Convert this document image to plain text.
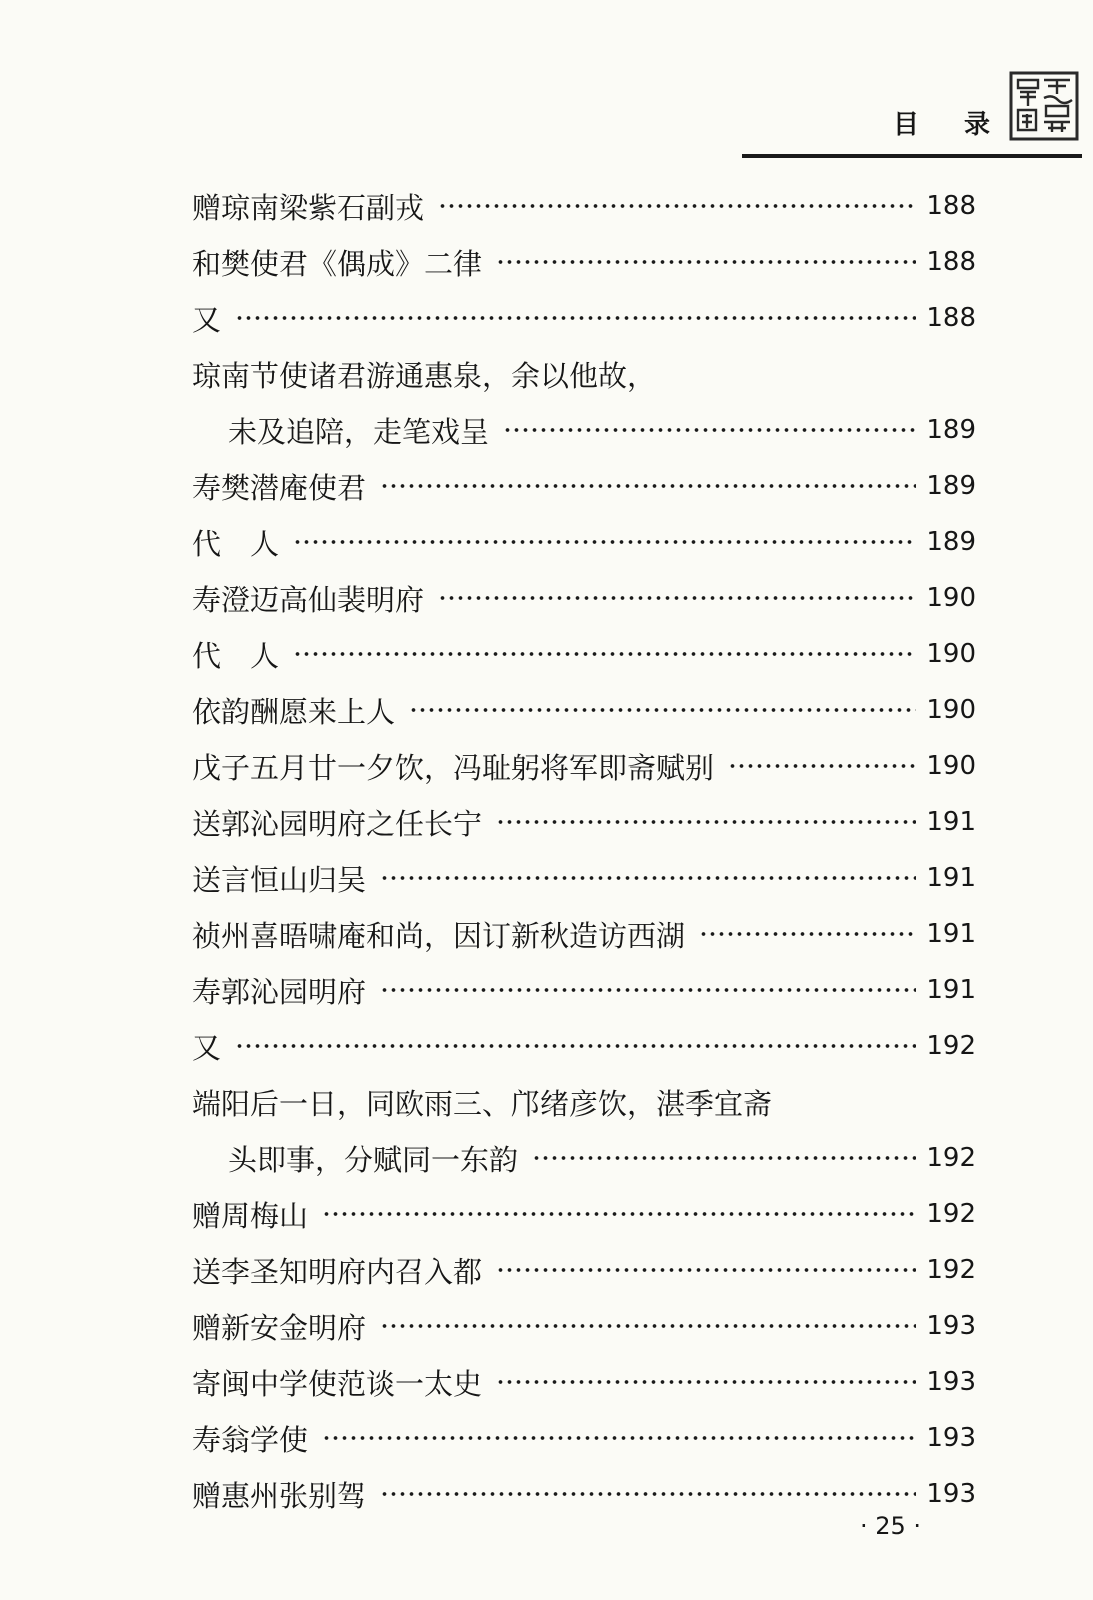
目 录
赠琼南梁紫石副戎	188
和樊使君《偶成》二律	188
又	188
琼南节使诸君游通惠泉，余以他故，
未及追陪，走笔戏呈	189
寿樊潜庵使君	189
代　人	189
寿澄迈高仙裴明府	190
代　人	190
依韵酬愿来上人	190
戊子五月廿一夕饮，冯耻躬将军即斋赋别	190
送郭沁园明府之任长宁	191
送言恒山归吴	191
祯州喜晤啸庵和尚，因订新秋造访西湖	191
寿郭沁园明府	191
又	192
端阳后一日，同欧雨三、邝绪彦饮，湛季宜斋
头即事，分赋同一东韵	192
赠周梅山	192
送李圣知明府内召入都	192
赠新安金明府	193
寄闽中学使范谈一太史	193
寿翁学使	193
赠惠州张别驾	193
· 25 ·
